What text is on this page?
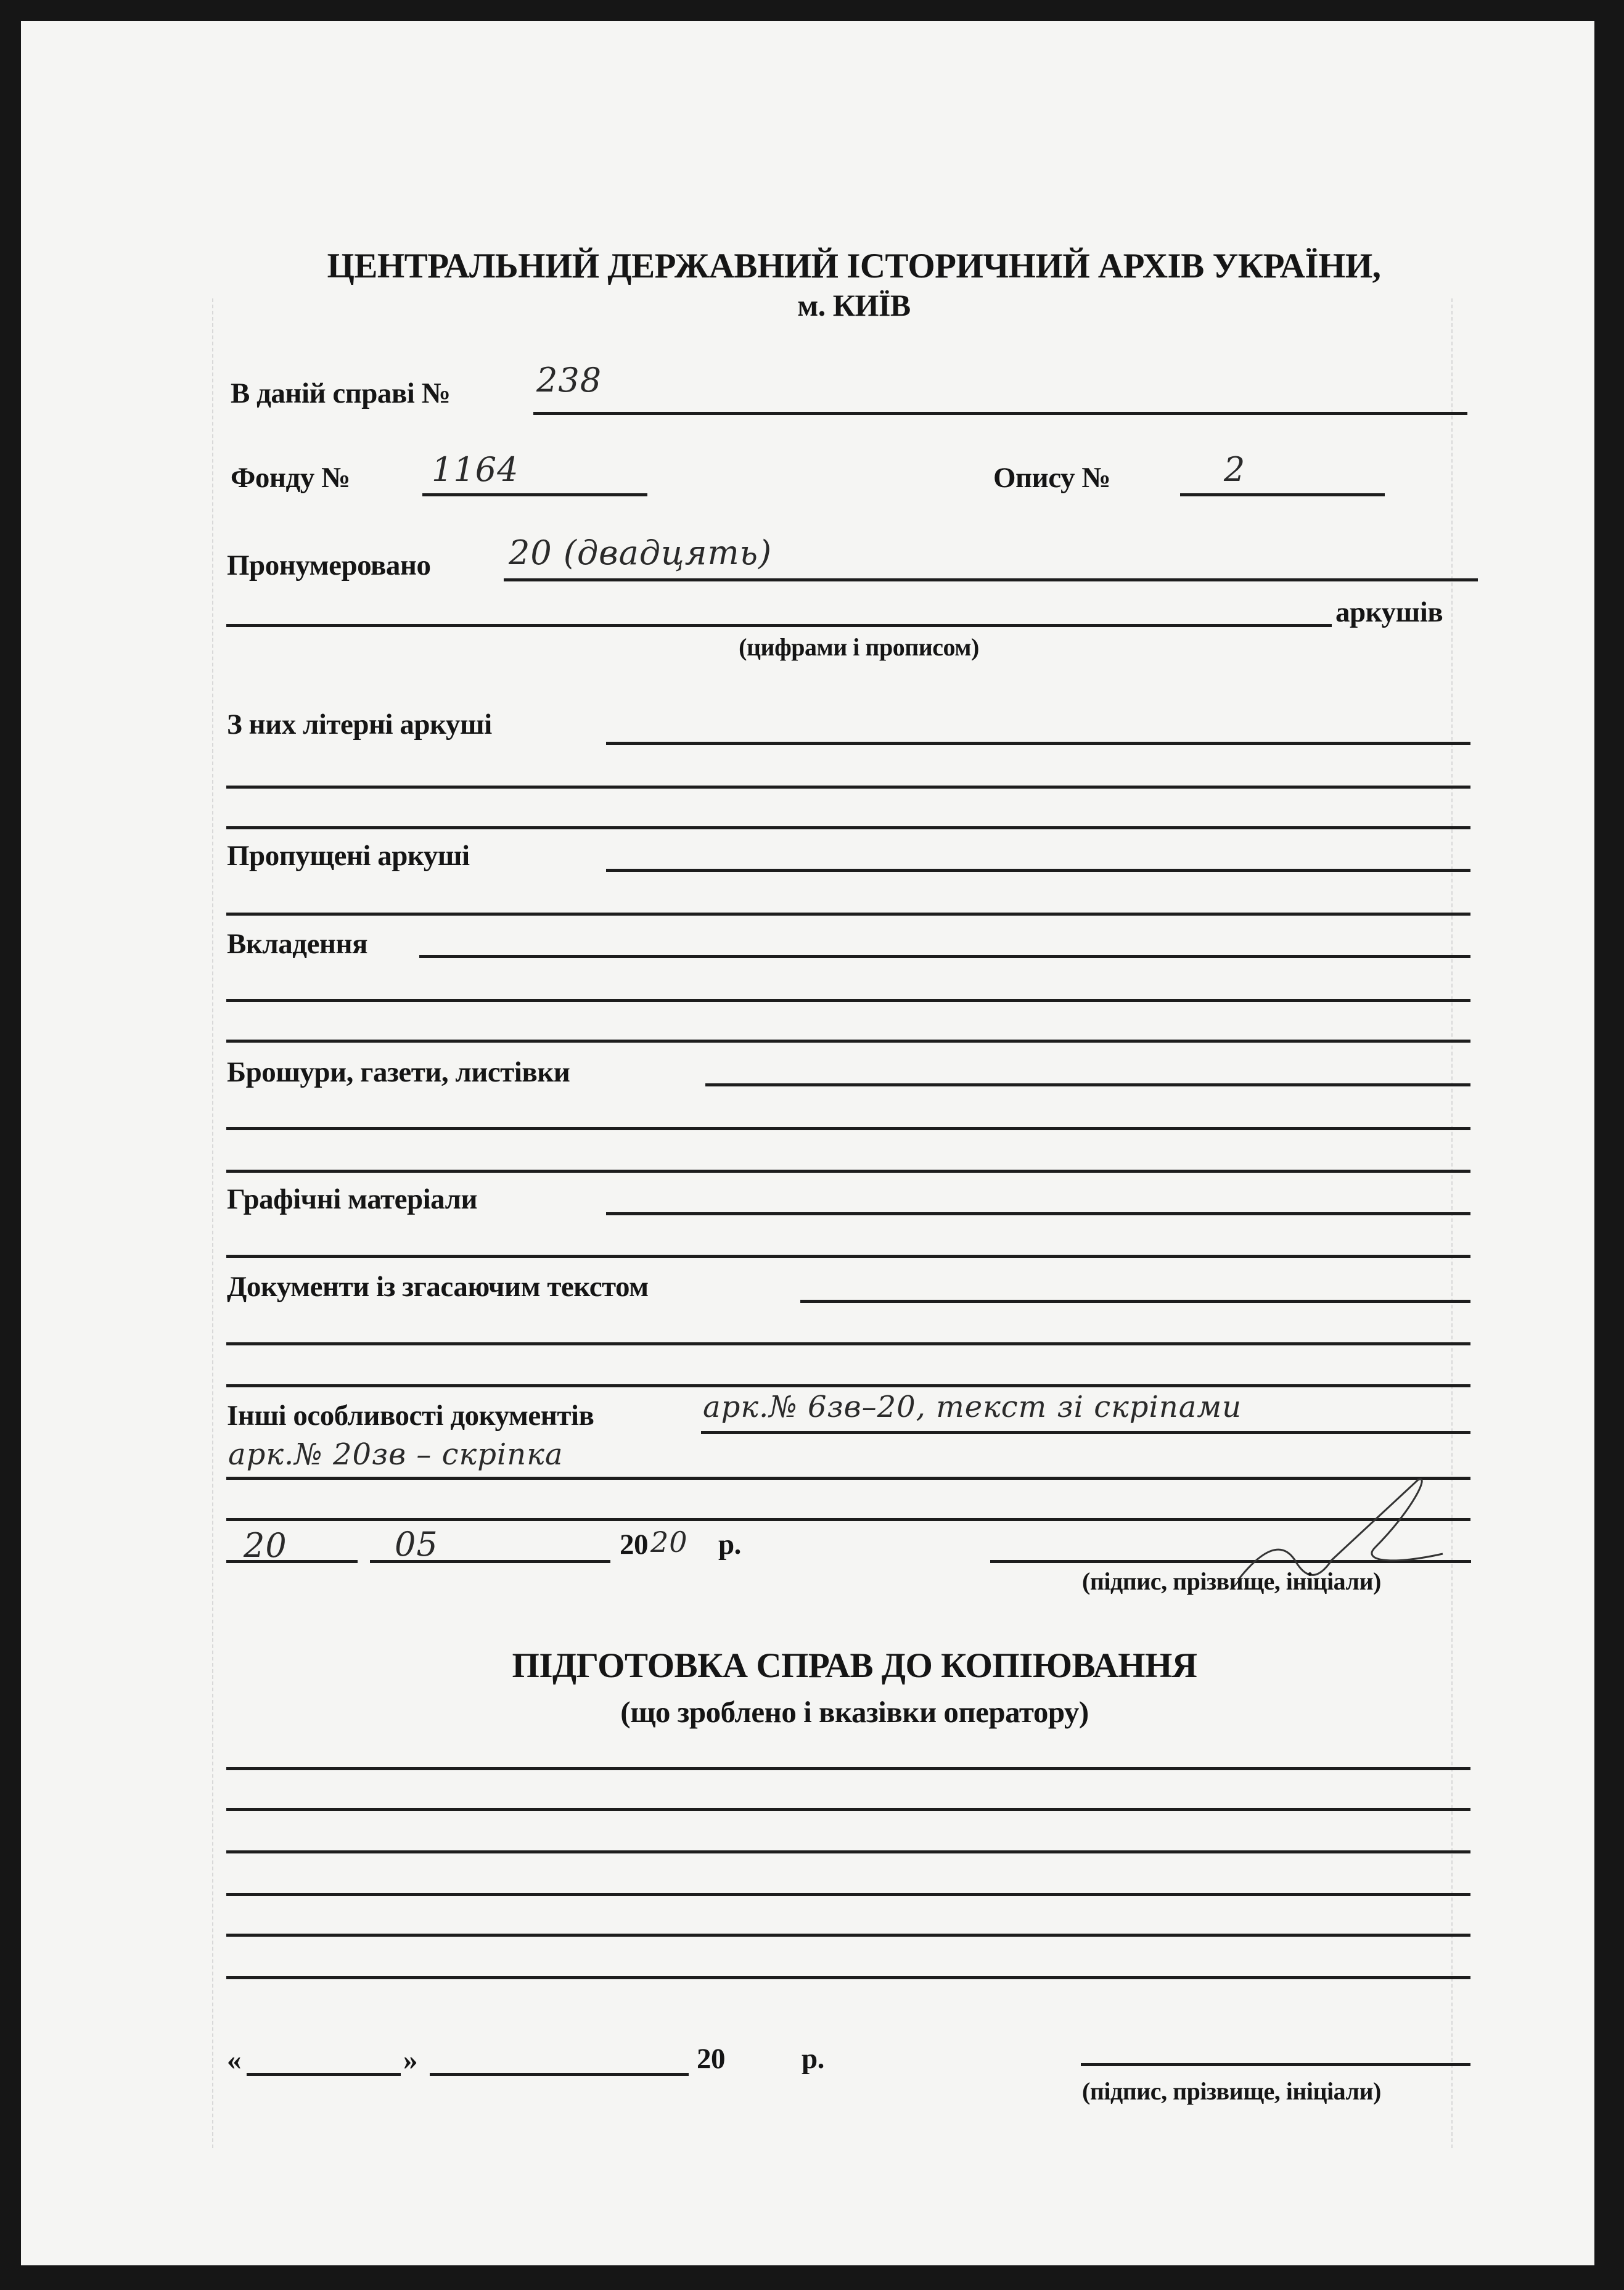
ЦЕНТРАЛЬНИЙ ДЕРЖАВНИЙ ІСТОРИЧНИЙ АРХІВ УКРАЇНИ,
м. КИЇВ
В даній справі №	238
Фонду № 1164	Опису №	2
Пронумеровано 20 (двадцять)
аркушів
(цифрами і прописом)
З них літерні аркуші
Пропущені аркуші
Вкладення
Брошури, газети, листівки
Графічні матеріали
Документи із згасаючим текстом
Інші особливості документів	арк.№ 6зв–20, текст зі скріпами
арк.№ 20зв – скріпка
20	05	20 20 р.
(підпис, прізвище, ініціали)
ПІДГОТОВКА СПРАВ ДО КОПІЮВАННЯ
(що зроблено і вказівки оператору)
«	»	20	р.
(підпис, прізвище, ініціали)
